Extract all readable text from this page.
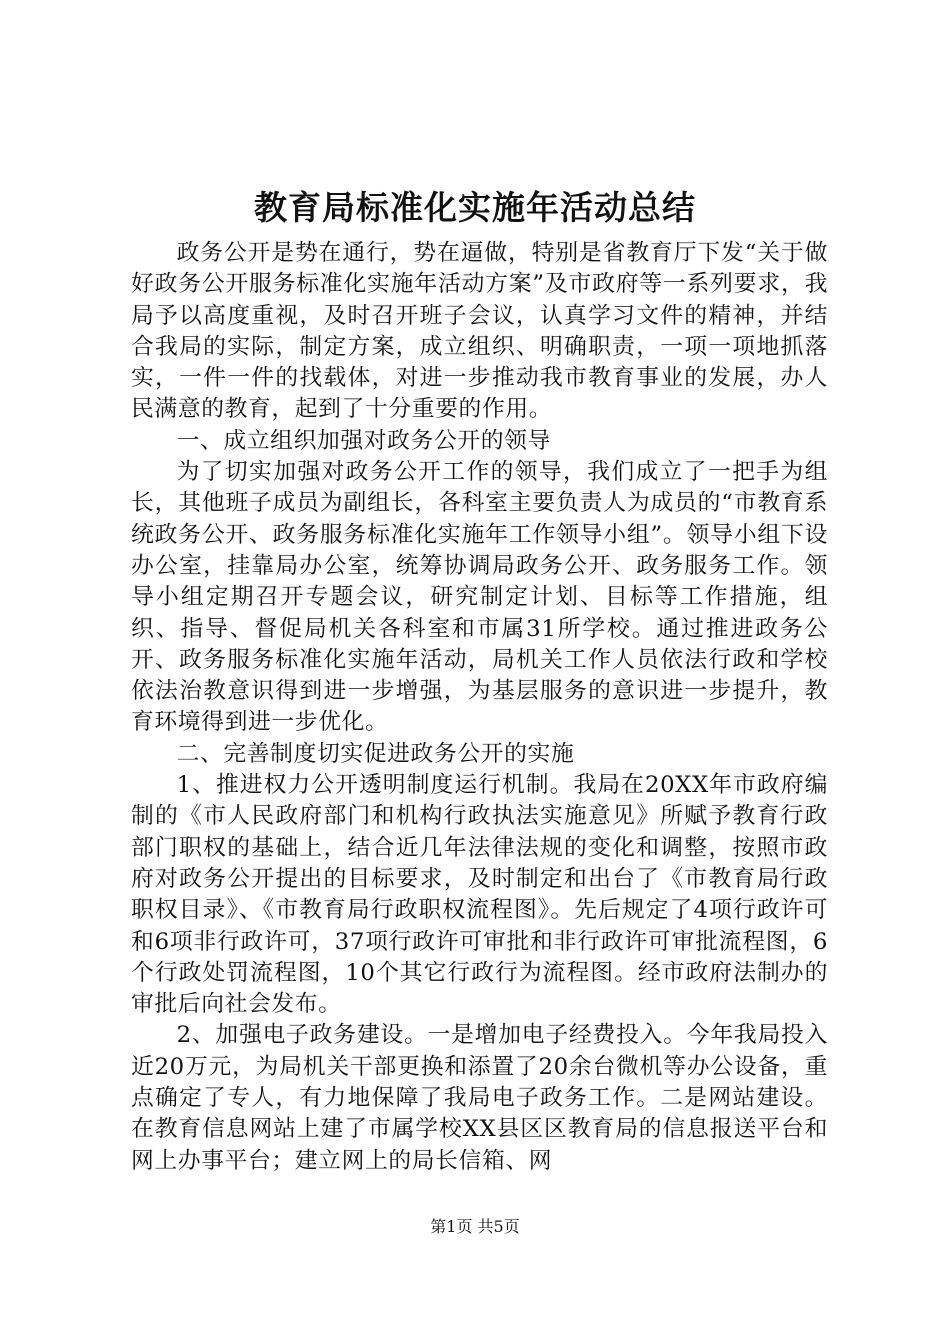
教育局标准化实施年活动总结

政务公开是势在通行，势在逼做，特别是省教育厅下发“关于做好政务公开服务标准化实施年活动方案”及市政府等一系列要求，我局予以高度重视，及时召开班子会议，认真学习文件的精神，并结合我局的实际，制定方案，成立组织、明确职责，一项一项地抓落实，一件一件的找载体，对进一步推动我市教育事业的发展，办人民满意的教育，起到了十分重要的作用。

一、成立组织加强对政务公开的领导

为了切实加强对政务公开工作的领导，我们成立了一把手为组长，其他班子成员为副组长，各科室主要负责人为成员的“市教育系统政务公开、政务服务标准化实施年工作领导小组”。领导小组下设办公室，挂靠局办公室，统筹协调局政务公开、政务服务工作。领导小组定期召开专题会议，研究制定计划、目标等工作措施，组织、指导、督促局机关各科室和市属31所学校。通过推进政务公开、政务服务标准化实施年活动，局机关工作人员依法行政和学校依法治教意识得到进一步增强，为基层服务的意识进一步提升，教育环境得到进一步优化。

二、完善制度切实促进政务公开的实施

1、推进权力公开透明制度运行机制。我局在20XX年市政府编制的《市人民政府部门和机构行政执法实施意见》所赋予教育行政部门职权的基础上，结合近几年法律法规的变化和调整，按照市政府对政务公开提出的目标要求，及时制定和出台了《市教育局行政职权目录》、《市教育局行政职权流程图》。先后规定了4项行政许可和6项非行政许可，37项行政许可审批和非行政许可审批流程图，6个行政处罚流程图，10个其它行政行为流程图。经市政府法制办的审批后向社会发布。

2、加强电子政务建设。一是增加电子经费投入。今年我局投入近20万元，为局机关干部更换和添置了20余台微机等办公设备，重点确定了专人，有力地保障了我局电子政务工作。二是网站建设。在教育信息网站上建了市属学校XX县区区教育局的信息报送平台和网上办事平台；建立网上的局长信箱、网

第1页 共5页
